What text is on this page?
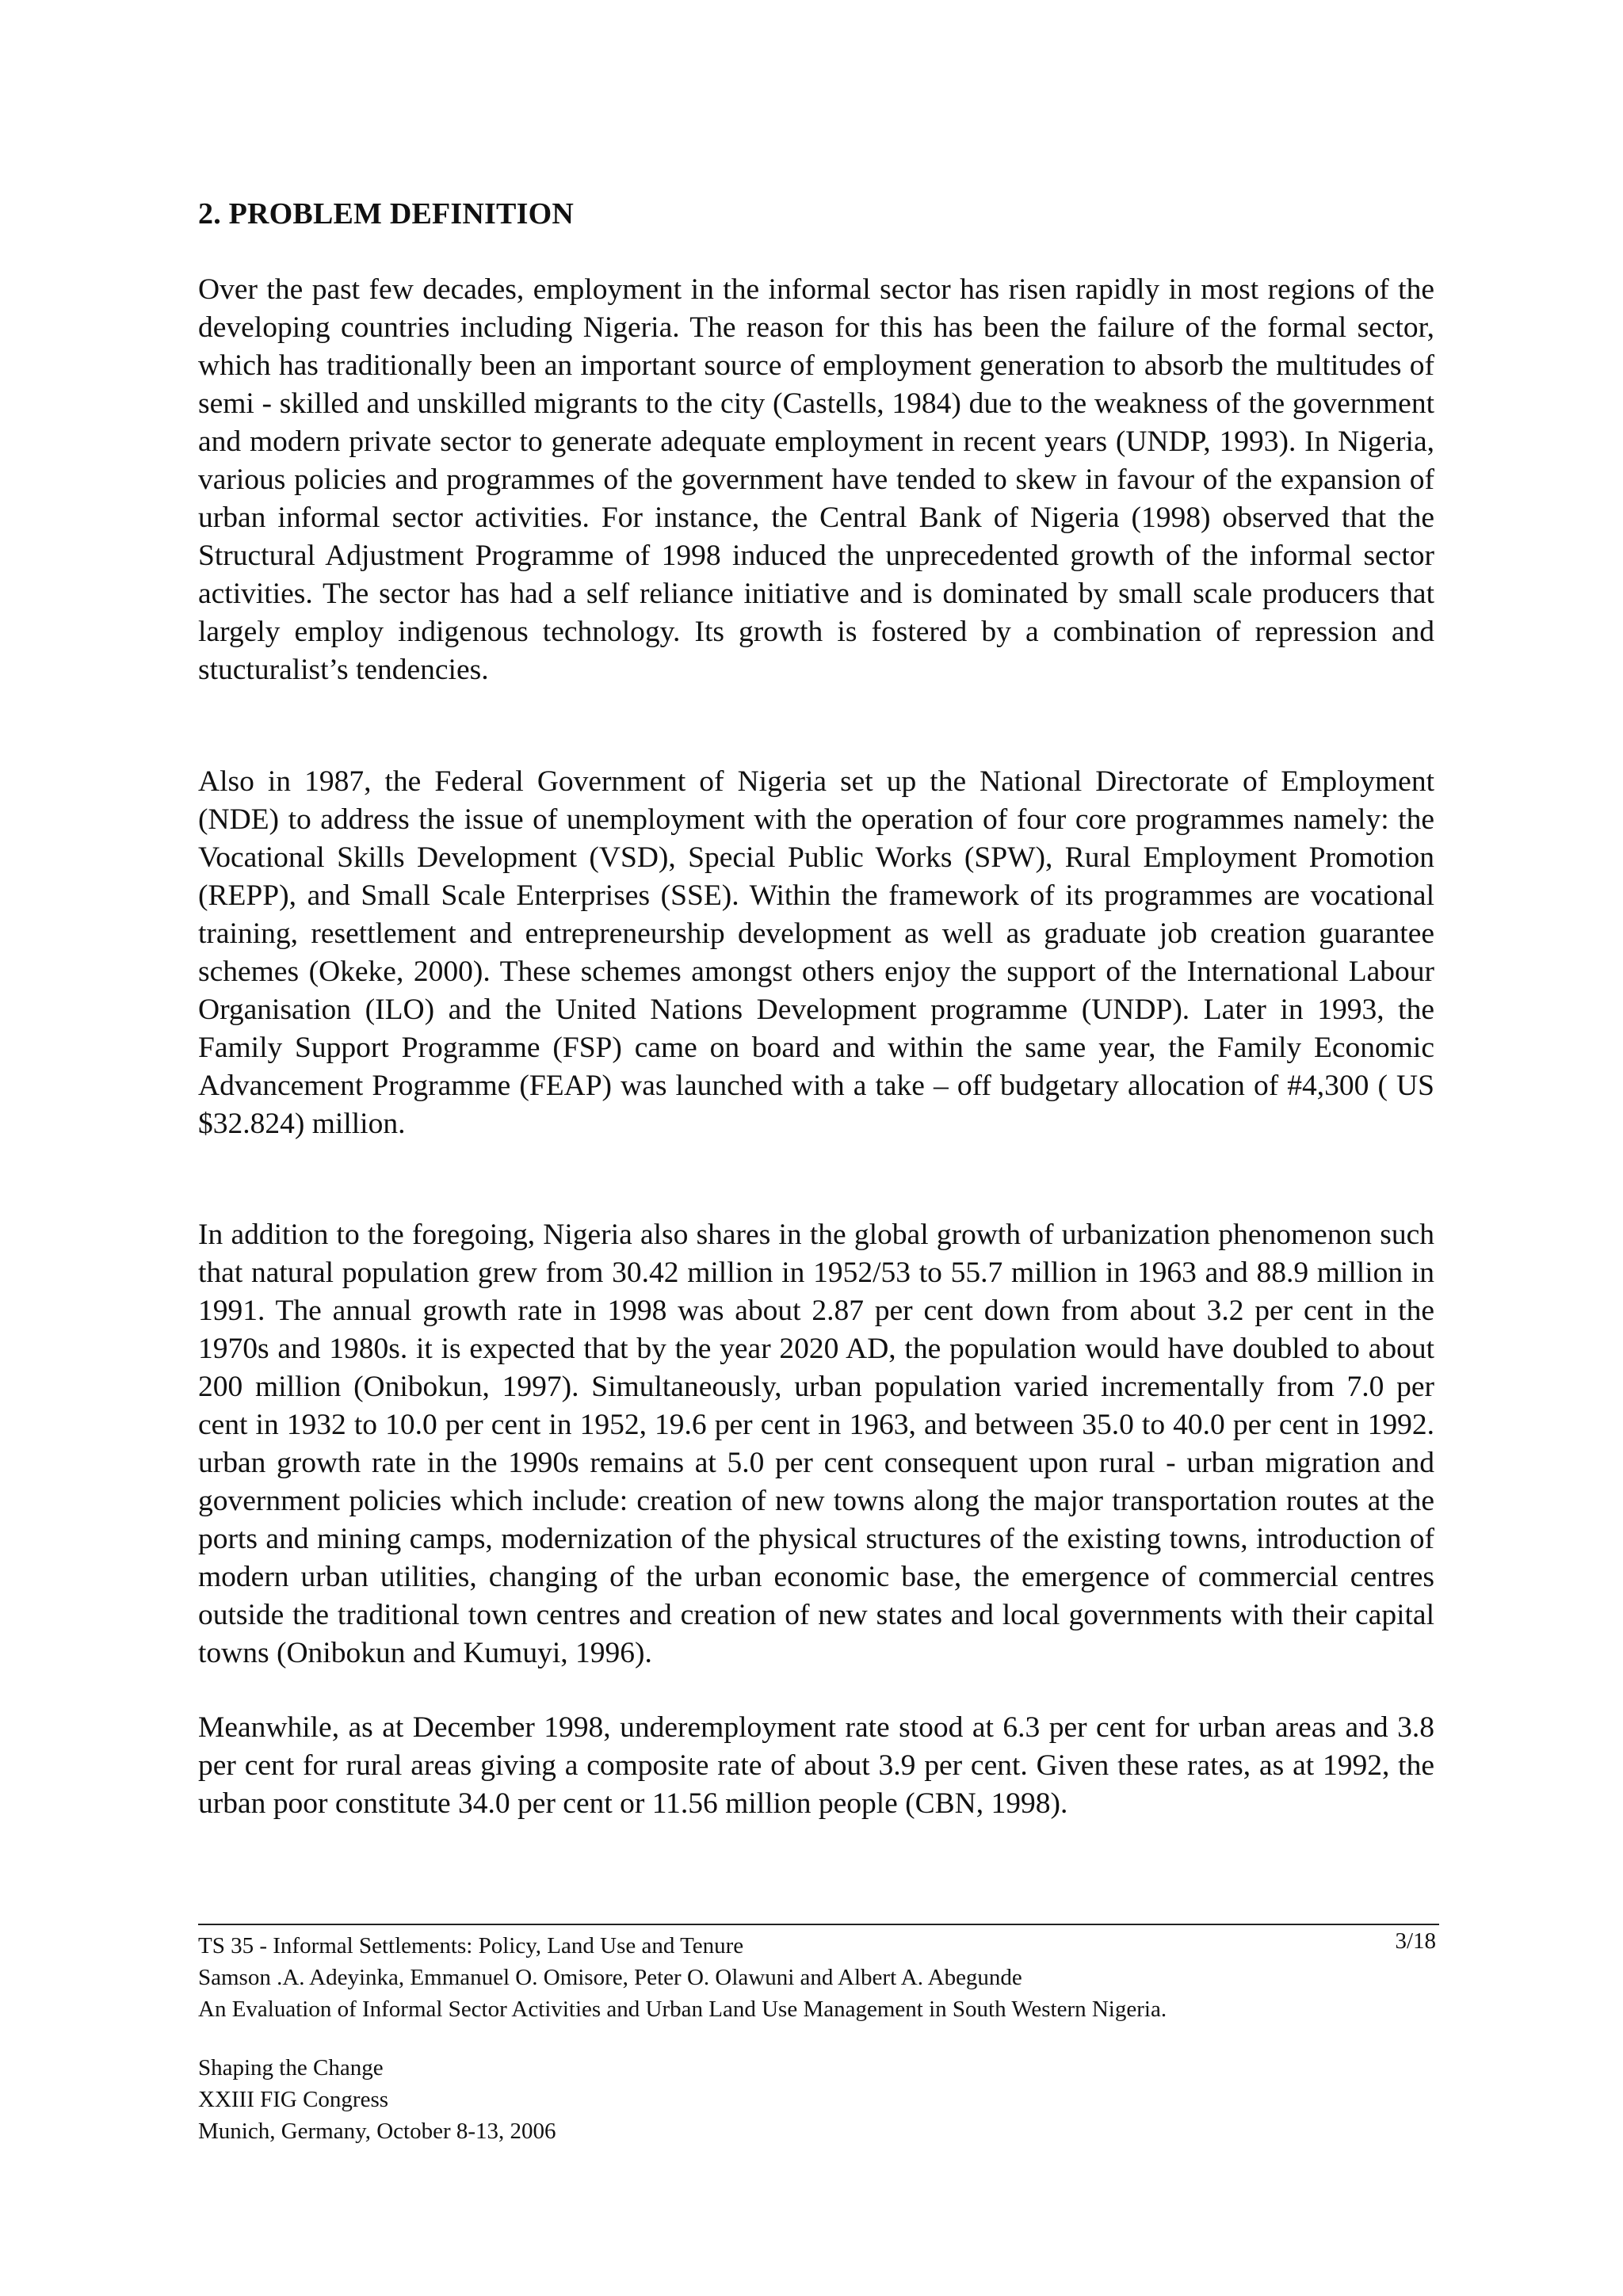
2. PROBLEM DEFINITION

Over the past few decades, employment in the informal sector has risen rapidly in most regions of the developing countries including Nigeria. The reason for this has been the failure of the formal sector, which has traditionally been an important source of employment generation to absorb the multitudes of semi - skilled and unskilled migrants to the city (Castells, 1984) due to the weakness of the government and modern private sector to generate adequate employment in recent years (UNDP, 1993). In Nigeria, various policies and programmes of the government have tended to skew in favour of the expansion of urban informal sector activities. For instance, the Central Bank of Nigeria (1998) observed that the Structural Adjustment Programme of 1998 induced the unprecedented growth of the informal sector activities. The sector has had a self reliance initiative and is dominated by small scale producers that largely employ indigenous technology. Its growth is fostered by a combination of repression and stucturalist’s tendencies.

Also in 1987, the Federal Government of Nigeria set up the National Directorate of Employment (NDE) to address the issue of unemployment with the operation of four core programmes namely: the Vocational Skills Development (VSD), Special Public Works (SPW), Rural Employment Promotion (REPP), and Small Scale Enterprises (SSE). Within the framework of its programmes are vocational training, resettlement and entrepreneurship development as well as graduate job creation guarantee schemes (Okeke, 2000). These schemes amongst others enjoy the support of the International Labour Organisation (ILO) and the United Nations Development programme (UNDP). Later in 1993, the Family Support Programme (FSP) came on board and within the same year, the Family Economic Advancement Programme (FEAP) was launched with a take – off budgetary allocation of #4,300 ( US $32.824) million.

In addition to the foregoing, Nigeria also shares in the global growth of urbanization phenomenon such that natural population grew from 30.42 million in 1952/53 to 55.7 million in 1963 and 88.9 million in 1991. The annual growth rate in 1998 was about 2.87 per cent down from about 3.2 per cent in the 1970s and 1980s. it is expected that by the year 2020 AD, the population would have doubled to about 200 million (Onibokun, 1997). Simultaneously, urban population varied incrementally from 7.0 per cent in 1932 to 10.0 per cent in 1952, 19.6 per cent in 1963, and between 35.0 to 40.0 per cent in 1992. urban growth rate in the 1990s remains at 5.0 per cent consequent upon rural - urban migration and government policies which include: creation of new towns along the major transportation routes at the ports and mining camps, modernization of the physical structures of the existing towns, introduction of modern urban utilities, changing of the urban economic base, the emergence of commercial centres outside the traditional town centres and creation of new states and local governments with their capital towns (Onibokun and Kumuyi, 1996).

Meanwhile, as at December 1998, underemployment rate stood at 6.3 per cent for urban areas and 3.8 per cent for rural areas giving a composite rate of about 3.9 per cent. Given these rates, as at 1992, the urban poor constitute 34.0 per cent or 11.56 million people (CBN, 1998).

TS 35 - Informal Settlements: Policy, Land Use and Tenure	3/18

Samson .A. Adeyinka, Emmanuel O. Omisore, Peter O. Olawuni and Albert A. Abegunde

An Evaluation of Informal Sector Activities and Urban Land Use Management in South Western Nigeria.

Shaping the Change

XXIII FIG Congress

Munich, Germany, October 8-13, 2006
